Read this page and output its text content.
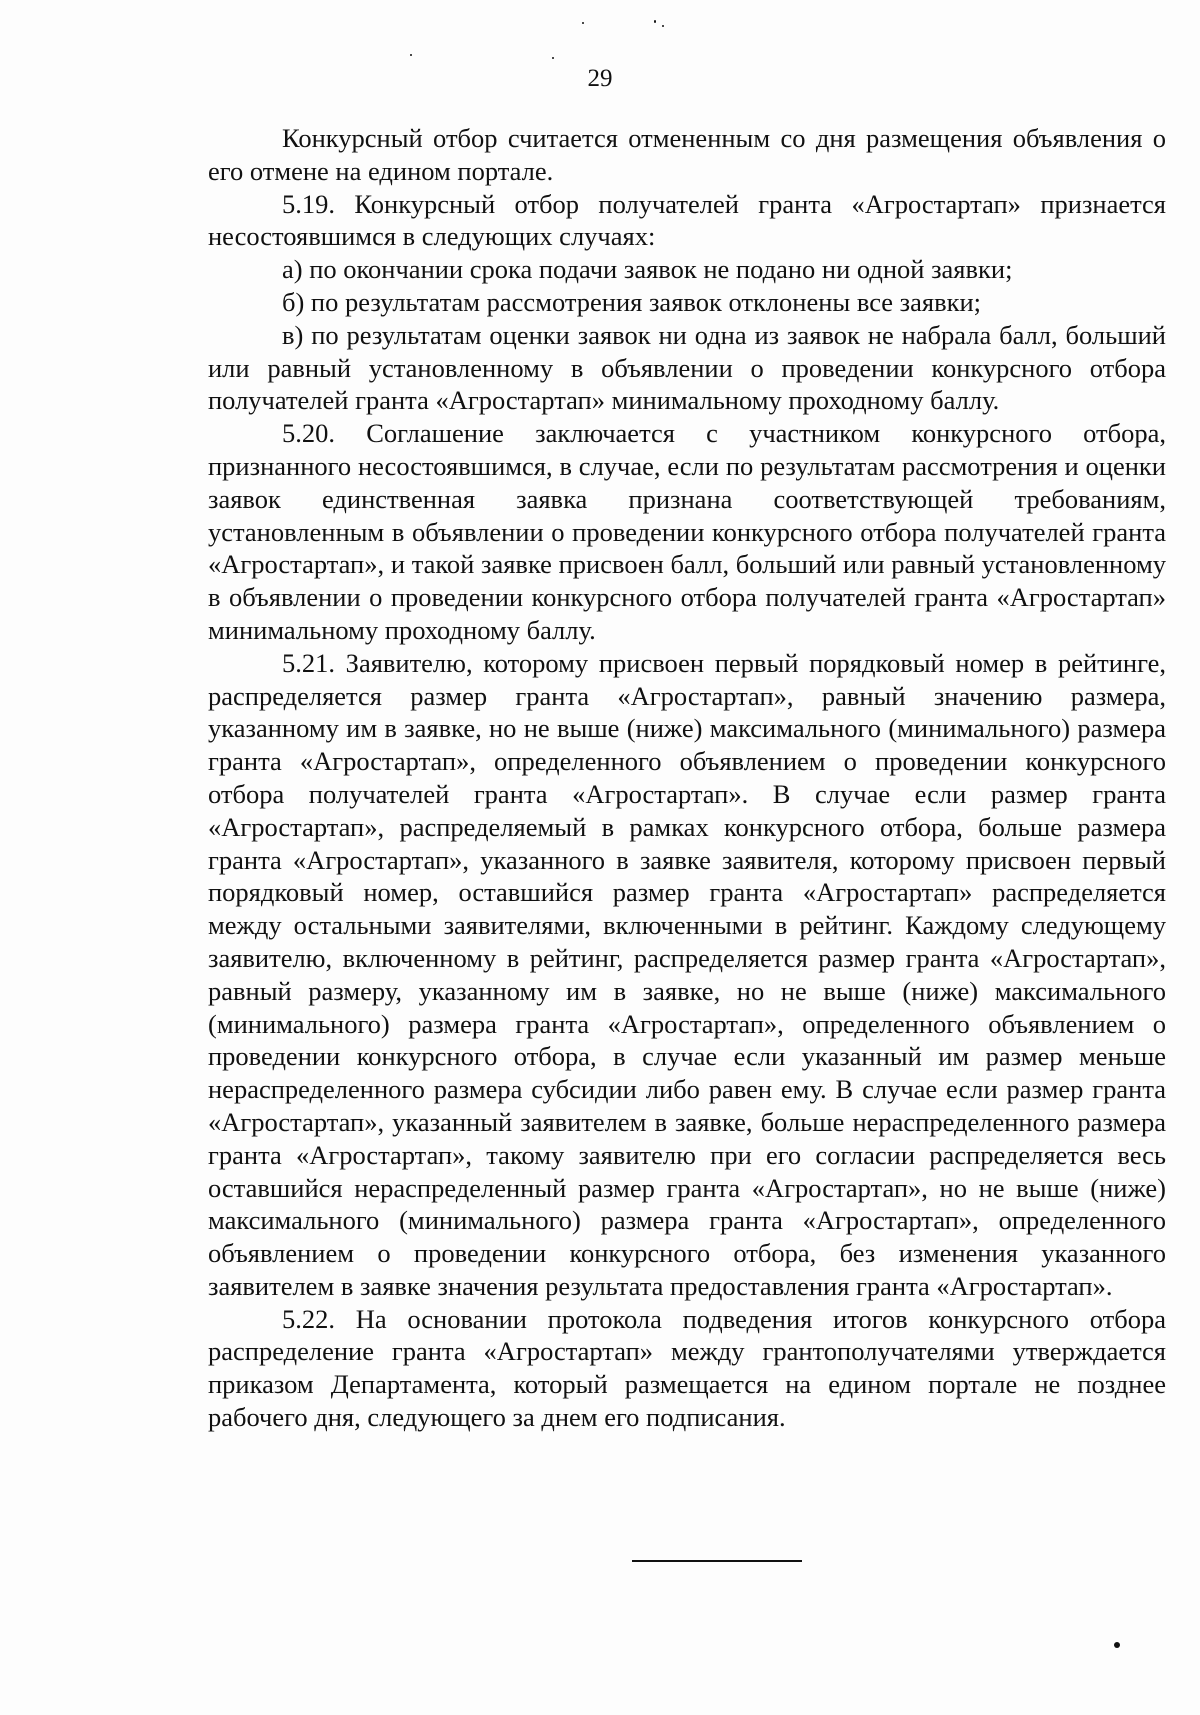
29

Конкурсный отбор считается отмененным со дня размещения объявления о его отмене на едином портале.

5.19. Конкурсный отбор получателей гранта «Агростартап» признается несостоявшимся в следующих случаях:

а) по окончании срока подачи заявок не подано ни одной заявки;

б) по результатам рассмотрения заявок отклонены все заявки;

в) по результатам оценки заявок ни одна из заявок не набрала балл, больший или равный установленному в объявлении о проведении конкурсного отбора получателей гранта «Агростартап» минимальному проходному баллу.

5.20. Соглашение заключается с участником конкурсного отбора, признанного несостоявшимся, в случае, если по результатам рассмотрения и оценки заявок единственная заявка признана соответствующей требованиям, установленным в объявлении о проведении конкурсного отбора получателей гранта «Агростартап», и такой заявке присвоен балл, больший или равный установленному в объявлении о проведении конкурсного отбора получателей гранта «Агростартап» минимальному проходному баллу.

5.21. Заявителю, которому присвоен первый порядковый номер в рейтинге, распределяется размер гранта «Агростартап», равный значению размера, указанному им в заявке, но не выше (ниже) максимального (минимального) размера гранта «Агростартап», определенного объявлением о проведении конкурсного отбора получателей гранта «Агростартап». В случае если размер гранта «Агростартап», распределяемый в рамках конкурсного отбора, больше размера гранта «Агростартап», указанного в заявке заявителя, которому присвоен первый порядковый номер, оставшийся размер гранта «Агростартап» распределяется между остальными заявителями, включенными в рейтинг. Каждому следующему заявителю, включенному в рейтинг, распределяется размер гранта «Агростартап», равный размеру, указанному им в заявке, но не выше (ниже) максимального (минимального) размера гранта «Агростартап», определенного объявлением о проведении конкурсного отбора, в случае если указанный им размер меньше нераспределенного размера субсидии либо равен ему. В случае если размер гранта «Агростартап», указанный заявителем в заявке, больше нераспределенного размера гранта «Агростартап», такому заявителю при его согласии распределяется весь оставшийся нераспределенный размер гранта «Агростартап», но не выше (ниже) максимального (минимального) размера гранта «Агростартап», определенного объявлением о проведении конкурсного отбора, без изменения указанного заявителем в заявке значения результата предоставления гранта «Агростартап».

5.22. На основании протокола подведения итогов конкурсного отбора распределение гранта «Агростартап» между грантополучателями утверждается приказом Департамента, который размещается на едином портале не позднее рабочего дня, следующего за днем его подписания.
